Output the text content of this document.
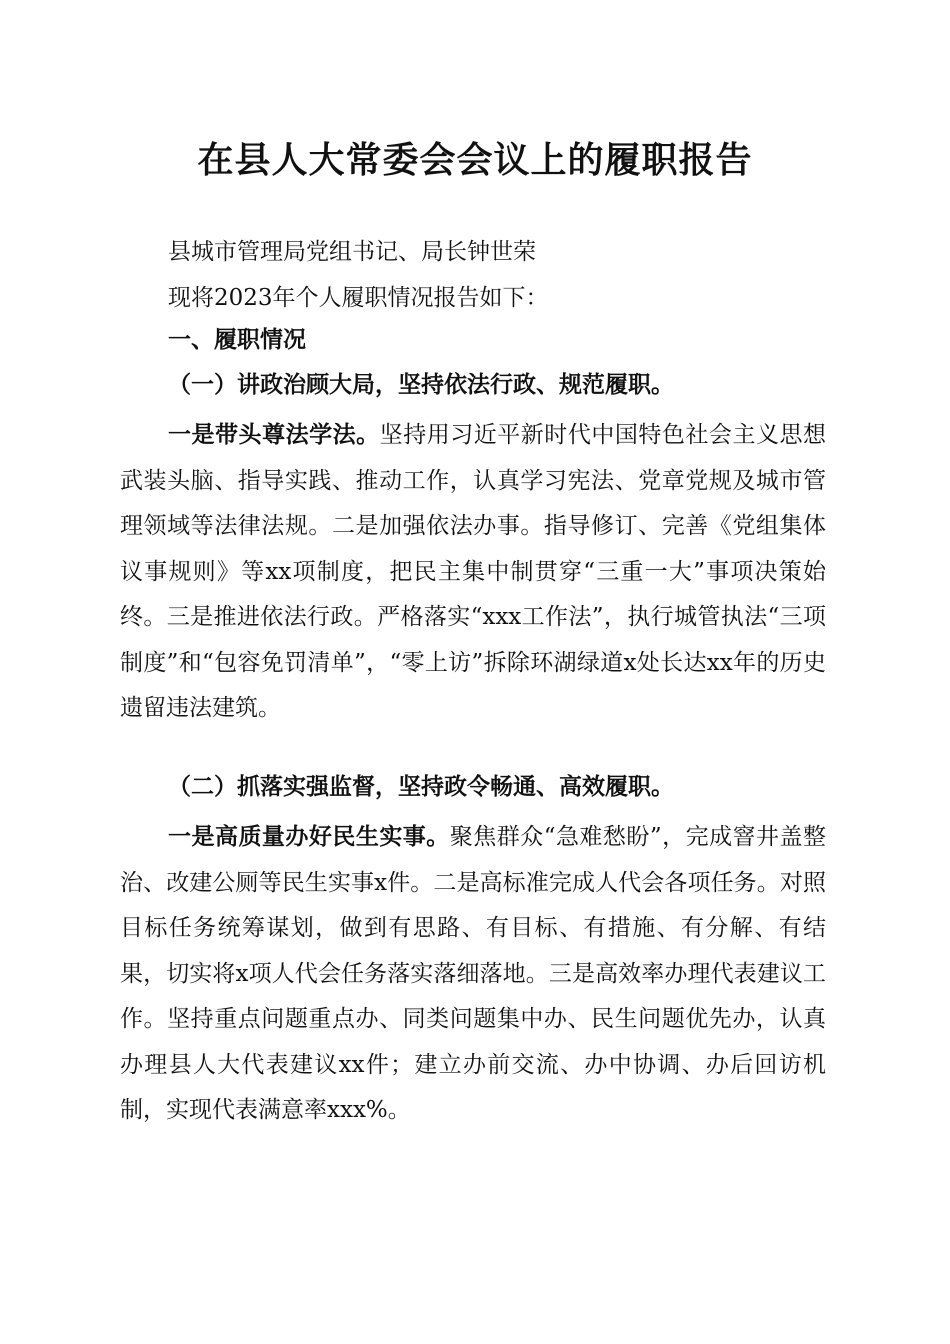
在县人大常委会会议上的履职报告

县城市管理局党组书记、局长钟世荣

现将2023年个人履职情况报告如下：

一、履职情况

（一）讲政治顾大局，坚持依法行政、规范履职。

一是带头尊法学法。坚持用习近平新时代中国特色社会主义思想武装头脑、指导实践、推动工作，认真学习宪法、党章党规及城市管理领域等法律法规。二是加强依法办事。指导修订、完善《党组集体议事规则》等xx项制度，把民主集中制贯穿“三重一大”事项决策始终。三是推进依法行政。严格落实“xxx工作法”，执行城管执法“三项制度”和“包容免罚清单”，“零上访”拆除环湖绿道x处长达xx年的历史遗留违法建筑。

（二）抓落实强监督，坚持政令畅通、高效履职。

一是高质量办好民生实事。聚焦群众“急难愁盼”，完成窨井盖整治、改建公厕等民生实事x件。二是高标准完成人代会各项任务。对照目标任务统筹谋划，做到有思路、有目标、有措施、有分解、有结果，切实将x项人代会任务落实落细落地。三是高效率办理代表建议工作。坚持重点问题重点办、同类问题集中办、民生问题优先办，认真办理县人大代表建议xx件；建立办前交流、办中协调、办后回访机制，实现代表满意率xxx%。
